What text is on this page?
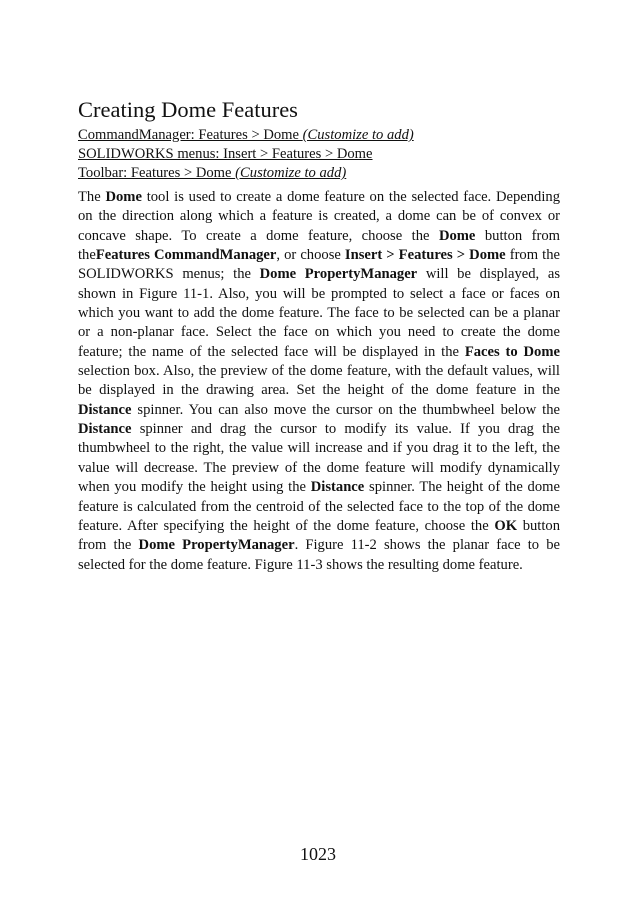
Creating Dome Features
CommandManager: Features > Dome (Customize to add)
SOLIDWORKS menus: Insert > Features > Dome
Toolbar: Features > Dome (Customize to add)

The Dome tool is used to create a dome feature on the selected face. Depending on the direction along which a feature is created, a dome can be of convex or concave shape. To create a dome feature, choose the Dome button from theFeatures CommandManager, or choose Insert > Features > Dome from the SOLIDWORKS menus; the Dome PropertyManager will be displayed, as shown in Figure 11-1. Also, you will be prompted to select a face or faces on which you want to add the dome feature. The face to be selected can be a planar or a non-planar face. Select the face on which you need to create the dome feature; the name of the selected face will be displayed in the Faces to Dome selection box. Also, the preview of the dome feature, with the default values, will be displayed in the drawing area. Set the height of the dome feature in the Distance spinner. You can also move the cursor on the thumbwheel below the Distance spinner and drag the cursor to modify its value. If you drag the thumbwheel to the right, the value will increase and if you drag it to the left, the value will decrease. The preview of the dome feature will modify dynamically when you modify the height using the Distance spinner. The height of the dome feature is calculated from the centroid of the selected face to the top of the dome feature. After specifying the height of the dome feature, choose the OK button from the Dome PropertyManager. Figure 11-2 shows the planar face to be selected for the dome feature. Figure 11-3 shows the resulting dome feature.

1023
